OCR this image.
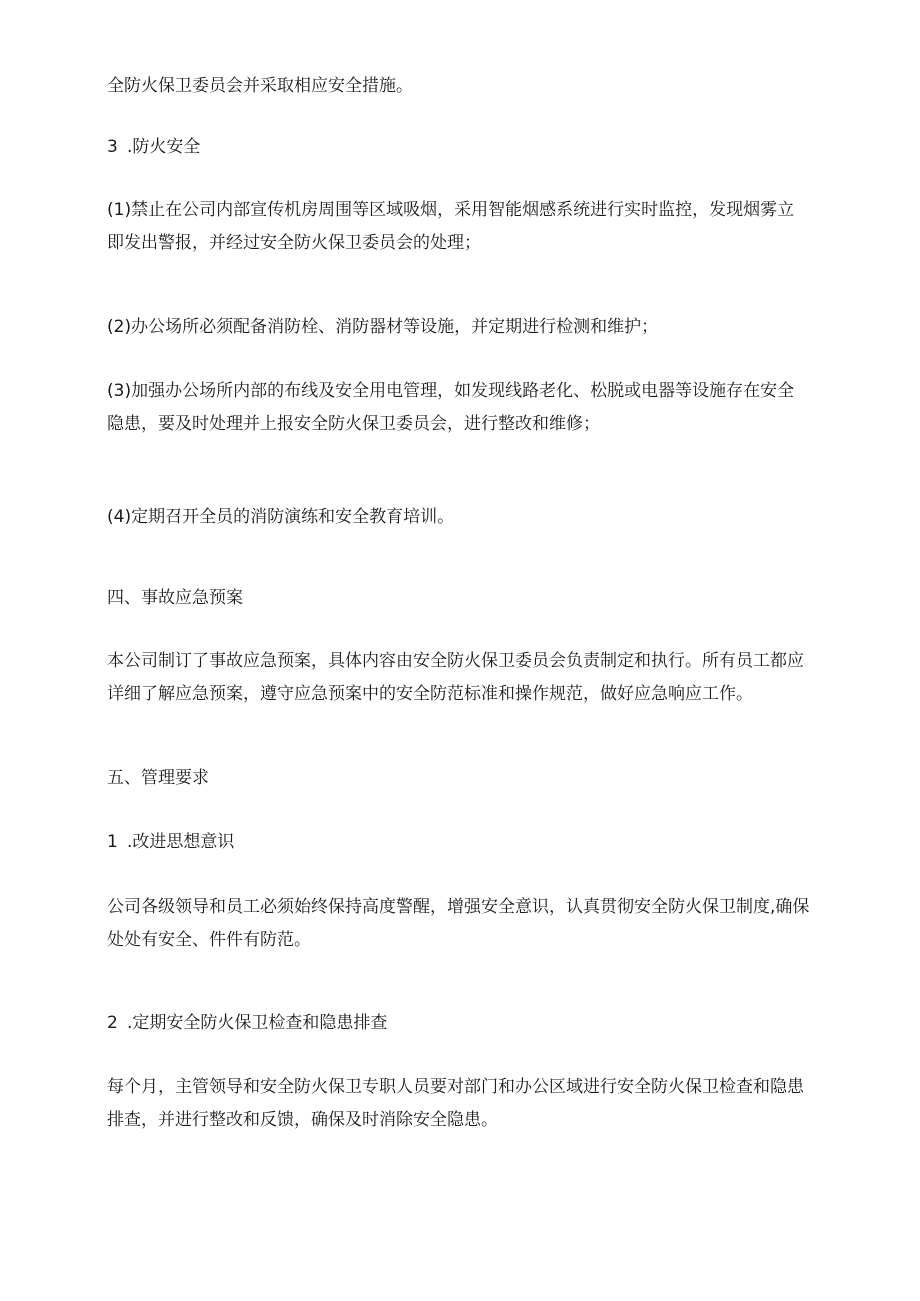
全防火保卫委员会并采取相应安全措施。

3 .防火安全

(1)禁止在公司内部宣传机房周围等区域吸烟，采用智能烟感系统进行实时监控，发现烟雾立
即发出警报，并经过安全防火保卫委员会的处理；

(2)办公场所必须配备消防栓、消防器材等设施，并定期进行检测和维护；

(3)加强办公场所内部的布线及安全用电管理，如发现线路老化、松脱或电器等设施存在安全
隐患，要及时处理并上报安全防火保卫委员会，进行整改和维修；

(4)定期召开全员的消防演练和安全教育培训。

四、事故应急预案

本公司制订了事故应急预案，具体内容由安全防火保卫委员会负责制定和执行。所有员工都应
详细了解应急预案，遵守应急预案中的安全防范标准和操作规范，做好应急响应工作。

五、管理要求

1 .改进思想意识

公司各级领导和员工必须始终保持高度警醒，增强安全意识，认真贯彻安全防火保卫制度,确保
处处有安全、件件有防范。

2 .定期安全防火保卫检查和隐患排查

每个月，主管领导和安全防火保卫专职人员要对部门和办公区域进行安全防火保卫检查和隐患
排查，并进行整改和反馈，确保及时消除安全隐患。
